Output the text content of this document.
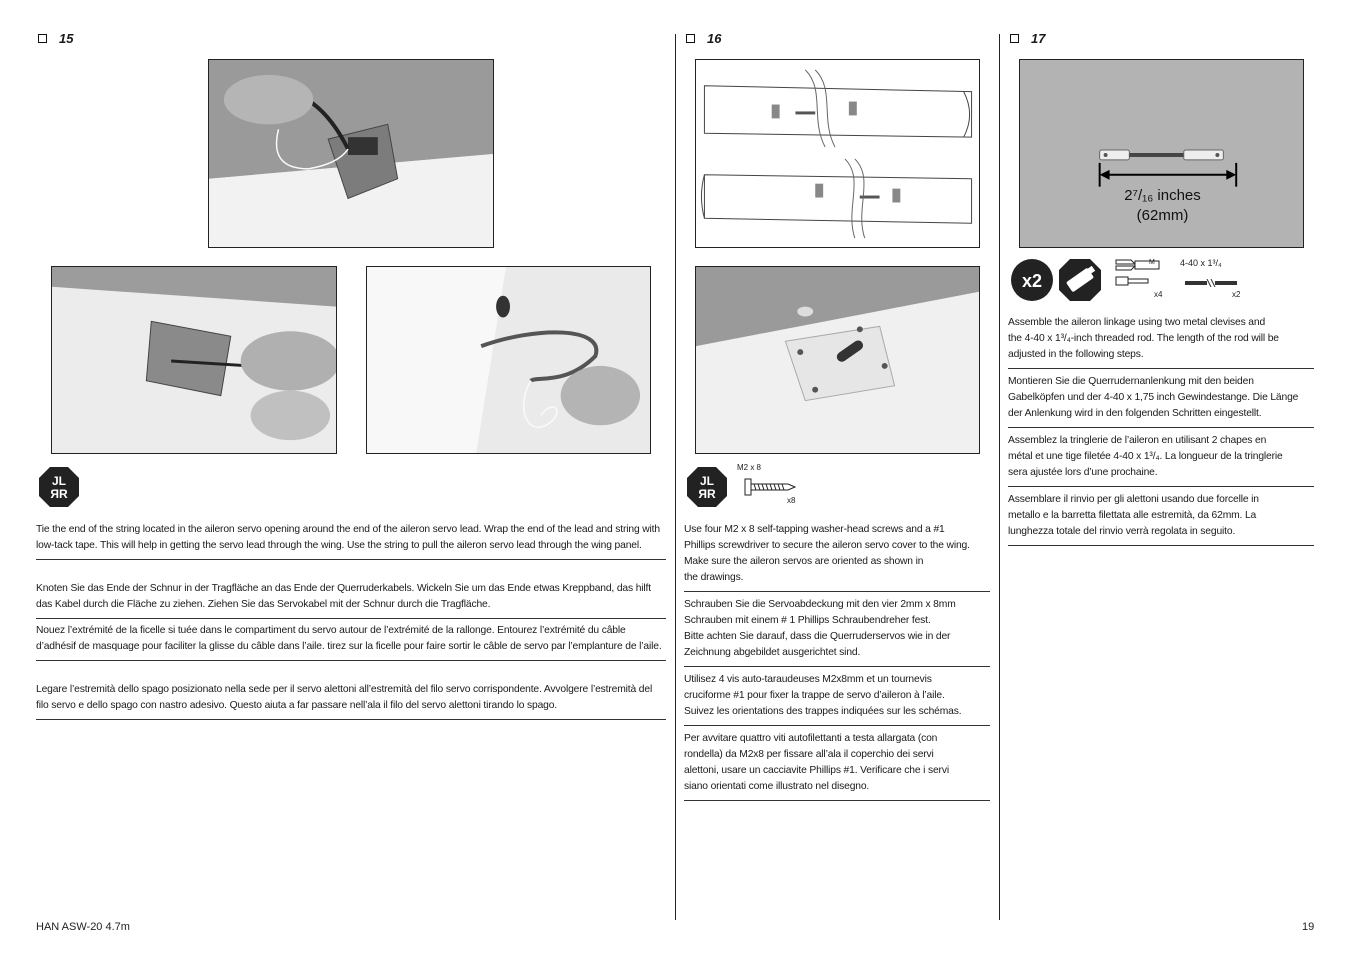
15	16	17
JL
ЯR
Tie the end of the string located in the aileron servo opening around the end of the aileron servo lead. Wrap the end of the lead and string with low-tack tape. This will help in getting the servo lead through the wing. Use the string to pull the aileron servo lead through the wing panel.
Knoten Sie das Ende der Schnur in der Tragfläche an das Ende der Querruderkabels. Wickeln Sie um das Ende etwas Kreppband, das hilft das Kabel durch die Fläche zu ziehen. Ziehen Sie das Servokabel mit der Schnur durch die Tragfläche.
Nouez l’extrémité de la ficelle si tuée dans le compartiment du servo autour de l’extrémité de la rallonge. Entourez l’extrémité du câble d’adhésif de masquage pour faciliter la glisse du câble dans l’aile. tirez sur la ficelle pour faire sortir le câble de servo par l’emplanture de l’aile.
Legare l’estremità dello spago posizionato nella sede per il servo alettoni all’estremità del filo servo corrispondente. Avvolgere l’estremità del filo servo e dello spago con nastro adesivo. Questo aiuta a far passare nell’ala il filo del servo alettoni tirando lo spago.
JL
ЯR
M2 x 8
x8
Use four M2 x 8 self-tapping washer-head screws and a #1
Phillips screwdriver to secure the aileron servo cover to the wing.
Make sure the aileron servos are oriented as shown in
the drawings.
Schrauben Sie die Servoabdeckung mit den vier 2mm x 8mm
Schrauben mit einem # 1 Phillips Schraubendreher fest.
Bitte achten Sie darauf, dass die Querruderservos wie in der
Zeichnung abgebildet ausgerichtet sind.
Utilisez 4 vis auto-taraudeuses M2x8mm et un tournevis
cruciforme #1 pour fixer la trappe de servo d’aileron à l’aile.
Suivez les orientations des trappes indiquées sur les schémas.
Per avvitare quattro viti autofilettanti a testa allargata (con
rondella) da M2x8 per fissare all’ala il coperchio dei servi
alettoni, usare un cacciavite Phillips #1. Verificare che i servi
siano orientati come illustrato nel disegno.
2⁷/₁₆ inches
(62mm)
x2
M
x4
4-40 x 1³/₄
x2
Assemble the aileron linkage using two metal clevises and
the 4-40 x 1³/₄-inch threaded rod. The length of the rod will be
adjusted in the following steps.
Montieren Sie die Querrudernanlenkung mit den beiden
Gabelköpfen und der 4-40 x 1,75 inch Gewindestange. Die Länge
der Anlenkung wird in den folgenden Schritten eingestellt.
Assemblez la tringlerie de l’aileron en utilisant 2 chapes en
métal et une tige filetée 4-40 x 1³/₄. La longueur de la tringlerie
sera ajustée lors d’une prochaine.
Assemblare il rinvio per gli alettoni usando due forcelle in
metallo e la barretta filettata alle estremità, da 62mm. La
lunghezza totale del rinvio verrà regolata in seguito.
HAN ASW-20 4.7m	19
